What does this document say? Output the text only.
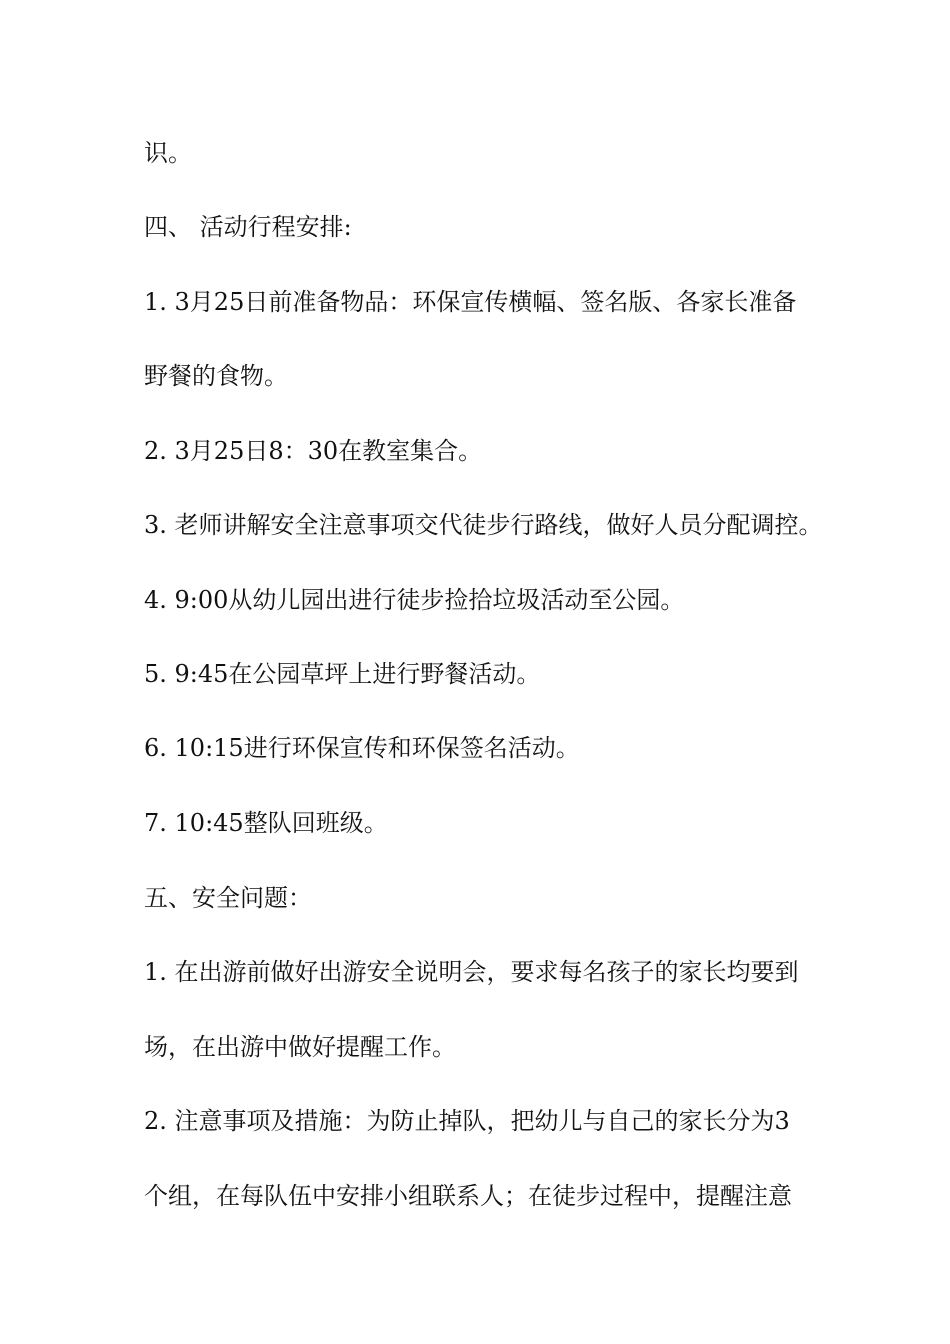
识。
四、 活动行程安排:
1. 3月25日前准备物品：环保宣传横幅、签名版、各家长准备
野餐的食物。
2. 3月25日8：30在教室集合。
3. 老师讲解安全注意事项交代徒步行路线，做好人员分配调控。
4. 9:00从幼儿园出进行徒步捡拾垃圾活动至公园。
5. 9:45在公园草坪上进行野餐活动。
6. 10:15进行环保宣传和环保签名活动。
7. 10:45整队回班级。
五、安全问题：
1. 在出游前做好出游安全说明会，要求每名孩子的家长均要到
场，在出游中做好提醒工作。
2. 注意事项及措施：为防止掉队，把幼儿与自己的家长分为3
个组，在每队伍中安排小组联系人；在徒步过程中，提醒注意
